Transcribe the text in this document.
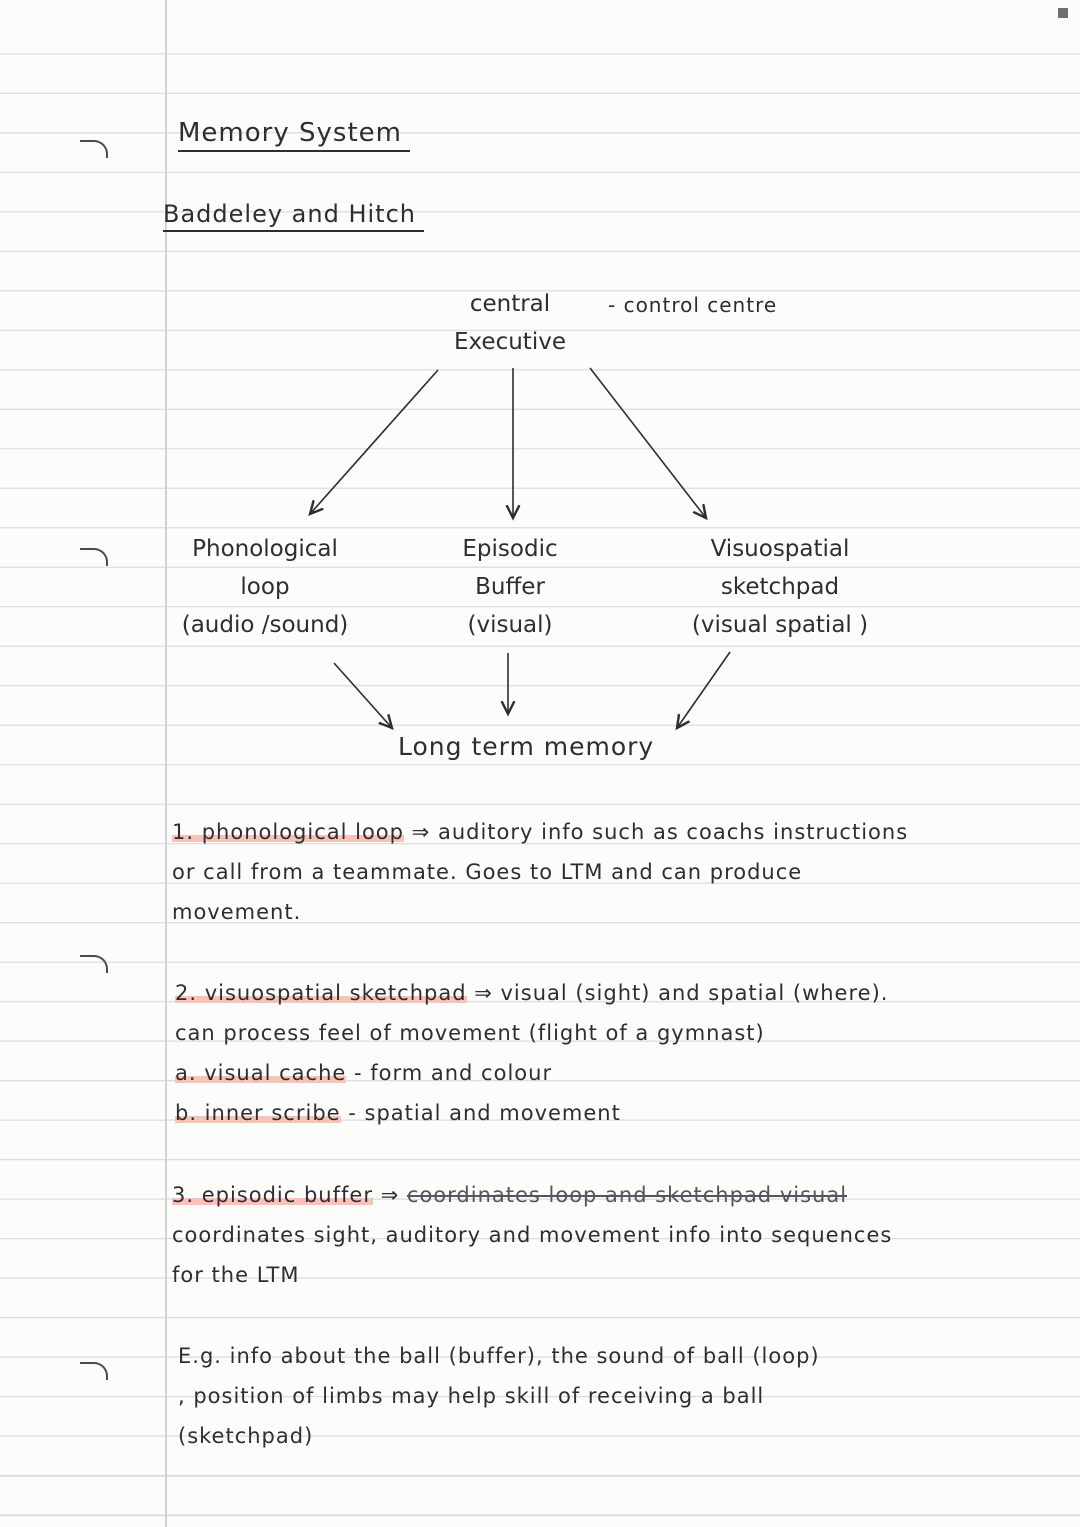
Memory System
Baddeley and Hitch
central
Executive
- control centre
Phonological
loop
(audio /sound)
Episodic
Buffer
(visual)
Visuospatial
sketchpad
(visual spatial )
Long term memory
1. phonological loop ⇒ auditory info such as coachs instructions
or call from a teammate. Goes to LTM and can produce
movement.
2. visuospatial sketchpad ⇒ visual (sight) and spatial (where).
can process feel of movement (flight of a gymnast)
a. visual cache - form and colour
b. inner scribe - spatial and movement
3. episodic buffer ⇒ coordinates loop and sketchpad visual
coordinates sight, auditory and movement info into sequences
for the LTM
E.g. info about the ball (buffer), the sound of ball (loop)
, position of limbs may help skill of receiving a ball
(sketchpad)
